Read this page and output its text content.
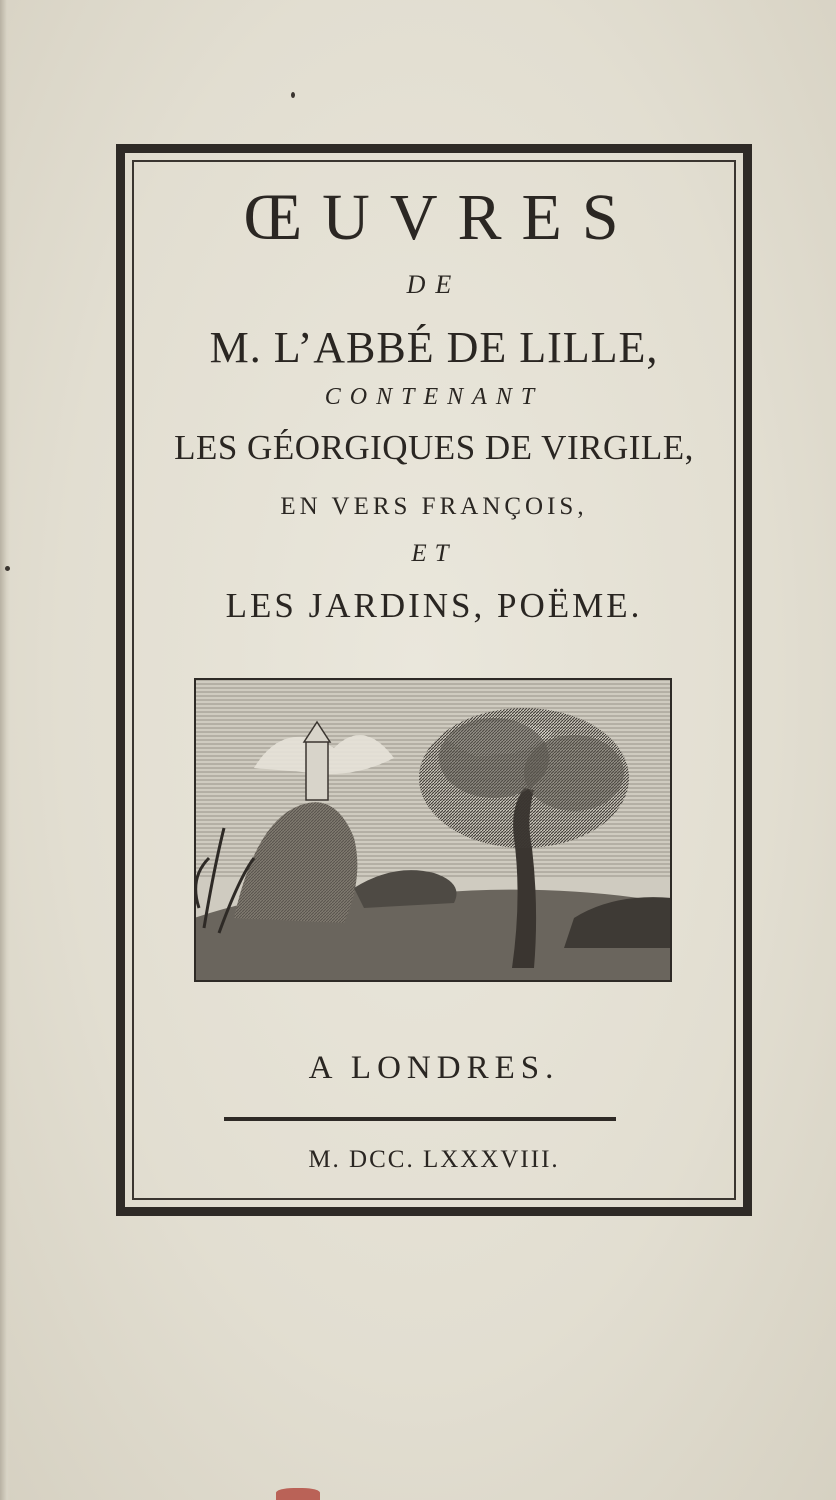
ŒUVRES
DE
M. L’ABBÉ DE LILLE,
CONTENANT
LES GÉORGIQUES DE VIRGILE,
EN VERS FRANÇOIS,
ET
LES JARDINS, POËME.
A LONDRES.
M. DCC. LXXXVIII.
